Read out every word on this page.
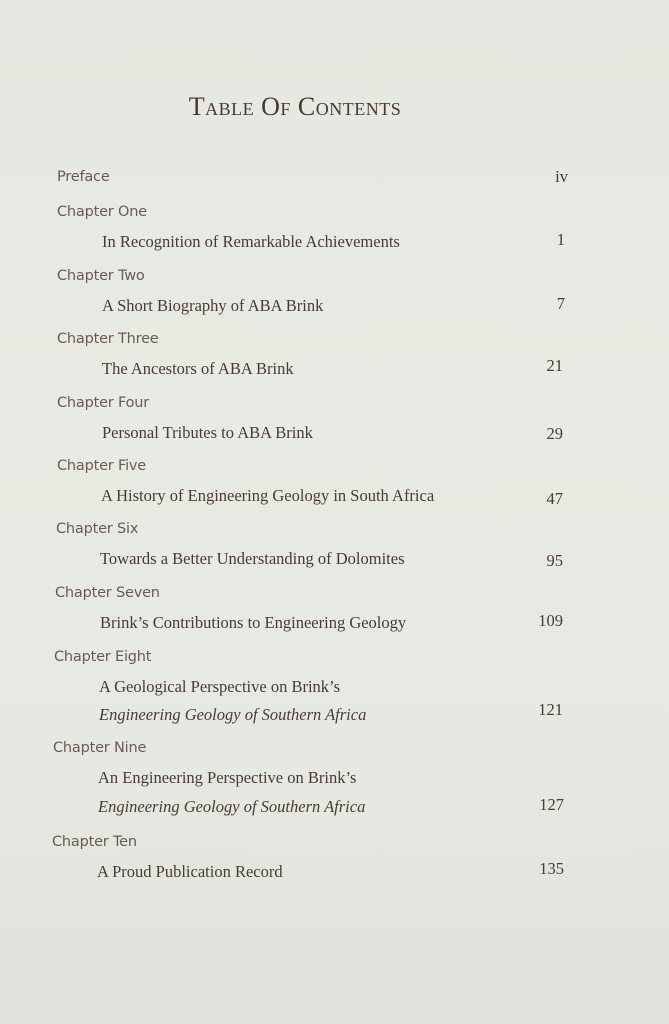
Table Of Contents
Preface	iv
Chapter One
In Recognition of Remarkable Achievements	1
Chapter Two
A Short Biography of ABA Brink	7
Chapter Three
The Ancestors of ABA Brink	21
Chapter Four
Personal Tributes to ABA Brink	29
Chapter Five
A History of Engineering Geology in South Africa	47
Chapter Six
Towards a Better Understanding of Dolomites	95
Chapter Seven
Brink’s Contributions to Engineering Geology	109
Chapter Eight
A Geological Perspective on Brink’s
Engineering Geology of Southern Africa	121
Chapter Nine
An Engineering Perspective on Brink’s
Engineering Geology of Southern Africa	127
Chapter Ten
A Proud Publication Record	135
